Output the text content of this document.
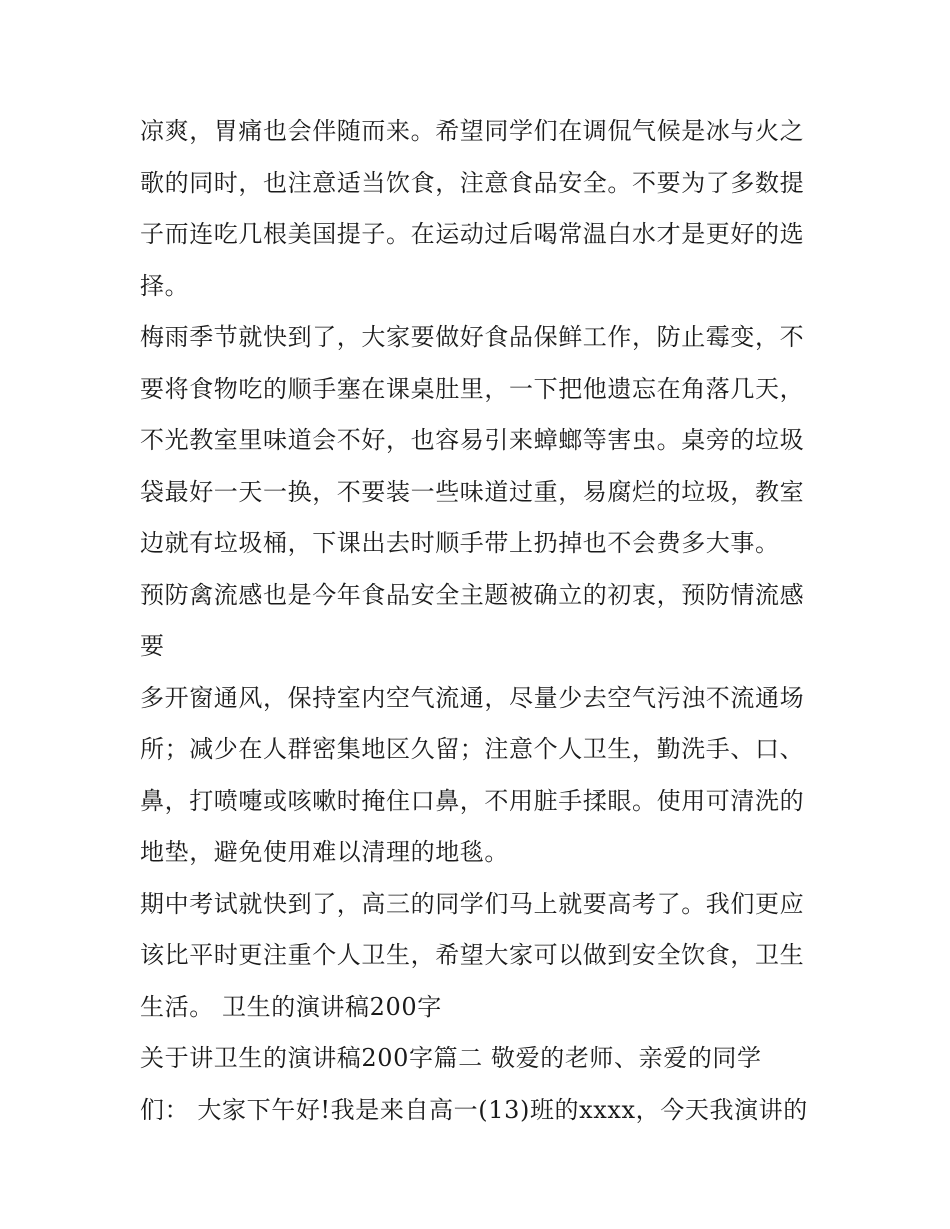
凉爽，胃痛也会伴随而来。希望同学们在调侃气候是冰与火之
歌的同时，也注意适当饮食，注意食品安全。不要为了多数提
子而连吃几根美国提子。在运动过后喝常温白水才是更好的选
择。
梅雨季节就快到了，大家要做好食品保鲜工作，防止霉变，不
要将食物吃的顺手塞在课桌肚里，一下把他遗忘在角落几天，
不光教室里味道会不好，也容易引来蟑螂等害虫。桌旁的垃圾
袋最好一天一换，不要装一些味道过重，易腐烂的垃圾，教室
边就有垃圾桶，下课出去时顺手带上扔掉也不会费多大事。
预防禽流感也是今年食品安全主题被确立的初衷，预防情流感
要
多开窗通风，保持室内空气流通，尽量少去空气污浊不流通场
所；减少在人群密集地区久留；注意个人卫生，勤洗手、口、
鼻，打喷嚏或咳嗽时掩住口鼻，不用脏手揉眼。使用可清洗的
地垫，避免使用难以清理的地毯。
期中考试就快到了，高三的同学们马上就要高考了。我们更应
该比平时更注重个人卫生，希望大家可以做到安全饮食，卫生
生活。 卫生的演讲稿200字
关于讲卫生的演讲稿200字篇二 敬爱的老师、亲爱的同学
们： 大家下午好!我是来自高一(13)班的xxxx，今天我演讲的
